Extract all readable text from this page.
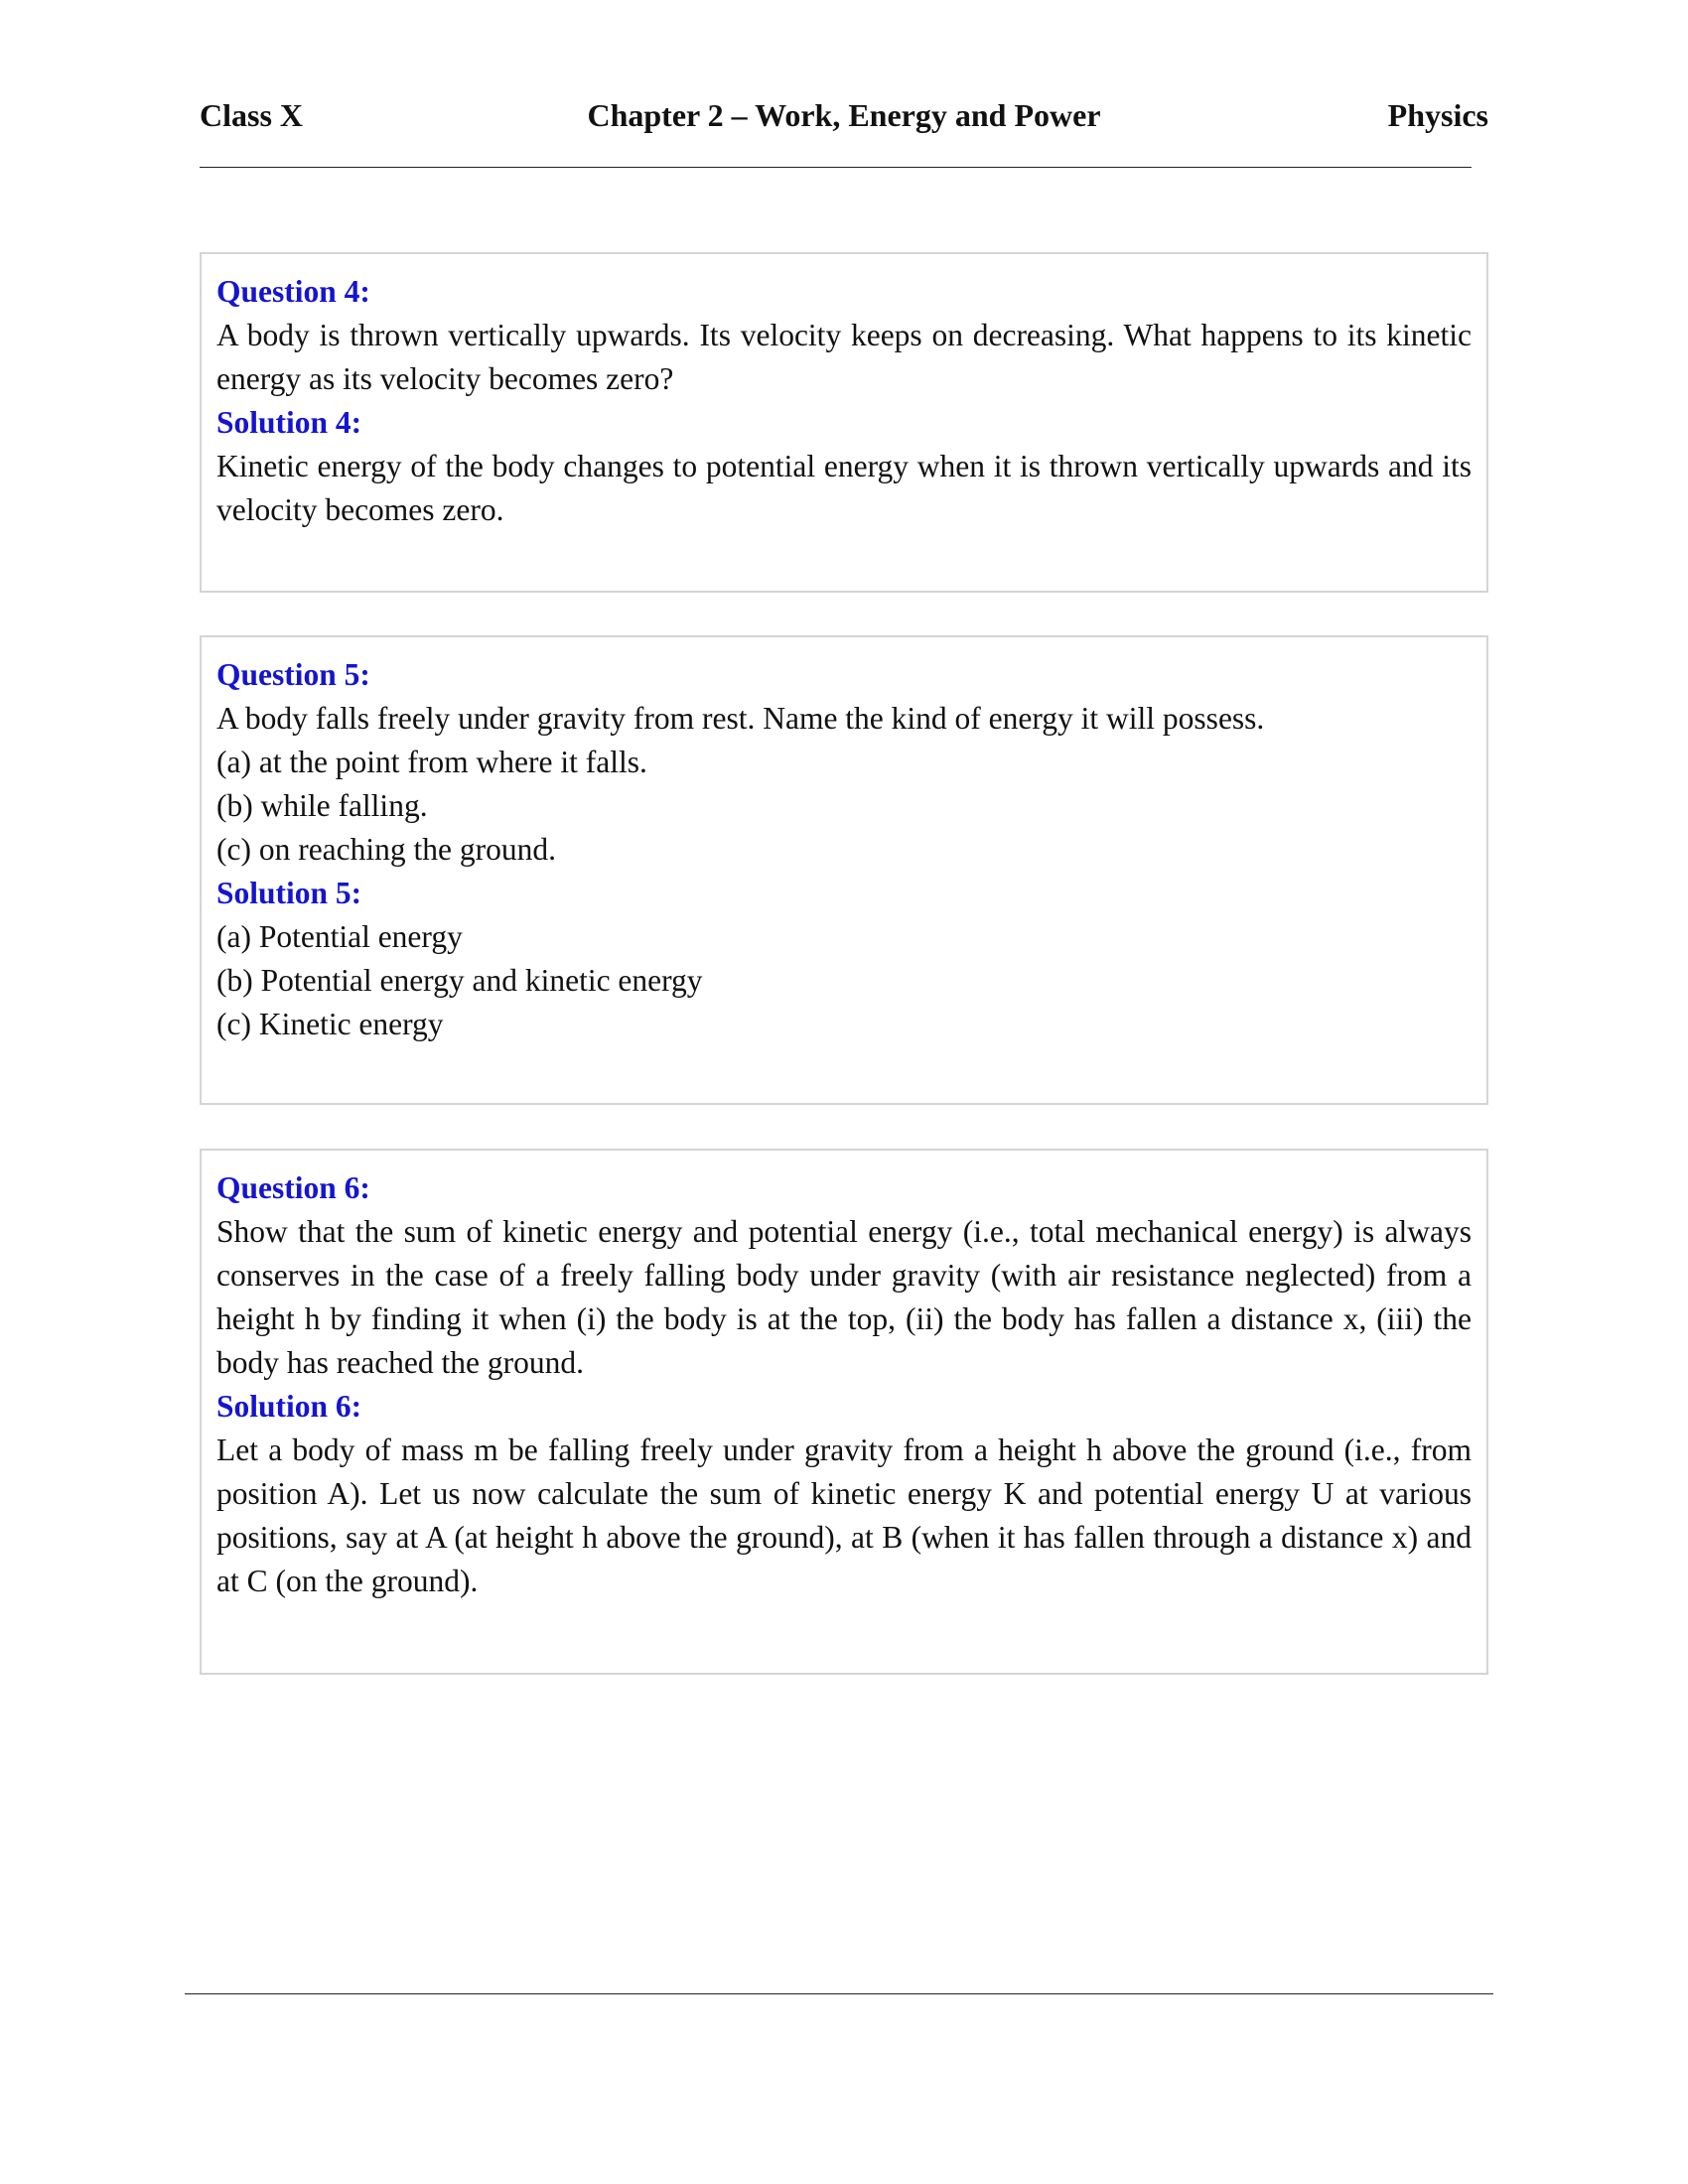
Class X	Chapter 2 – Work, Energy and Power	Physics
Question 4:
A body is thrown vertically upwards. Its velocity keeps on decreasing. What happens to its kinetic energy as its velocity becomes zero?
Solution 4:
Kinetic energy of the body changes to potential energy when it is thrown vertically upwards and its velocity becomes zero.
Question 5:
A body falls freely under gravity from rest. Name the kind of energy it will possess.
(a) at the point from where it falls.
(b) while falling.
(c) on reaching the ground.
Solution 5:
(a) Potential energy
(b) Potential energy and kinetic energy
(c) Kinetic energy
Question 6:
Show that the sum of kinetic energy and potential energy (i.e., total mechanical energy) is always conserves in the case of a freely falling body under gravity (with air resistance neglected) from a height h by finding it when (i) the body is at the top, (ii) the body has fallen a distance x, (iii) the body has reached the ground.
Solution 6:
Let a body of mass m be falling freely under gravity from a height h above the ground (i.e., from position A). Let us now calculate the sum of kinetic energy K and potential energy U at various positions, say at A (at height h above the ground), at B (when it has fallen through a distance x) and at C (on the ground).
